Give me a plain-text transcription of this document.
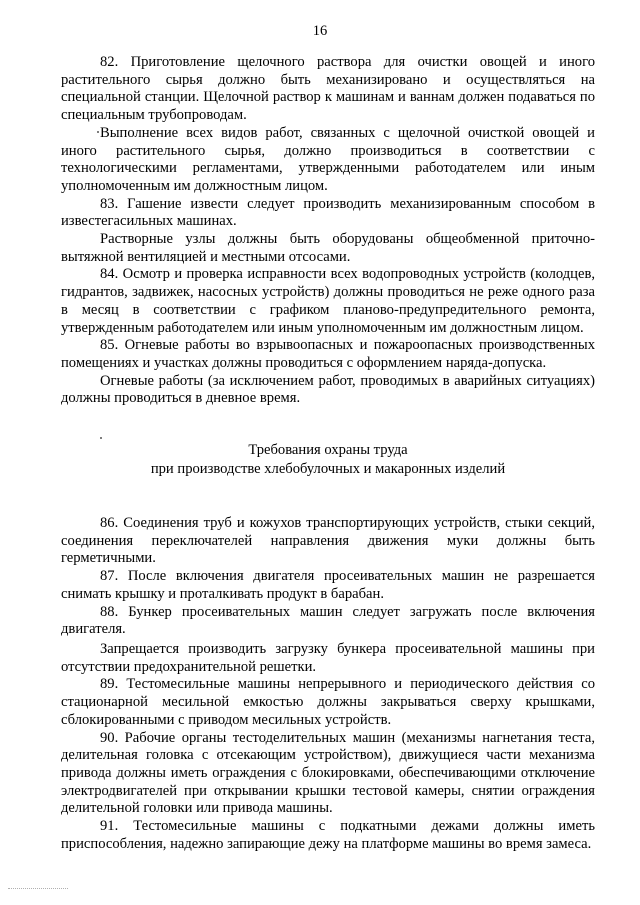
16

82. Приготовление щелочного раствора для очистки овощей и иного растительного сырья должно быть механизировано и осуществляться на специальной станции. Щелочной раствор к машинам и ваннам должен подаваться по специальным трубопроводам.

Выполнение всех видов работ, связанных с щелочной очисткой овощей и иного растительного сырья, должно производиться в соответствии с технологическими регламентами, утвержденными работодателем или иным уполномоченным им должностным лицом.

83. Гашение извести следует производить механизированным способом в известегасильных машинах.

Растворные узлы должны быть оборудованы общеобменной приточно-вытяжной вентиляцией и местными отсосами.

84. Осмотр и проверка исправности всех водопроводных устройств (колодцев, гидрантов, задвижек, насосных устройств) должны проводиться не реже одного раза в месяц в соответствии с графиком планово-предупредительного ремонта, утвержденным работодателем или иным уполномоченным им должностным лицом.

85. Огневые работы во взрывоопасных и пожароопасных производственных помещениях и участках должны проводиться с оформлением наряда-допуска.

Огневые работы (за исключением работ, проводимых в аварийных ситуациях) должны проводиться в дневное время.

Требования охраны труда
при производстве хлебобулочных и макаронных изделий

86. Соединения труб и кожухов транспортирующих устройств, стыки секций, соединения переключателей направления движения муки должны быть герметичными.

87. После включения двигателя просеивательных машин не разрешается снимать крышку и проталкивать продукт в барабан.

88. Бункер просеивательных машин следует загружать после включения двигателя.

Запрещается производить загрузку бункера просеивательной машины при отсутствии предохранительной решетки.

89. Тестомесильные машины непрерывного и периодического действия со стационарной месильной емкостью должны закрываться сверху крышками, сблокированными с приводом месильных устройств.

90. Рабочие органы тестоделительных машин (механизмы нагнетания теста, делительная головка с отсекающим устройством), движущиеся части механизма привода должны иметь ограждения с блокировками, обеспечивающими отключение электродвигателей при открывании крышки тестовой камеры, снятии ограждения делительной головки или привода машины.

91. Тестомесильные машины с подкатными дежами должны иметь приспособления, надежно запирающие дежу на платформе машины во время замеса.
